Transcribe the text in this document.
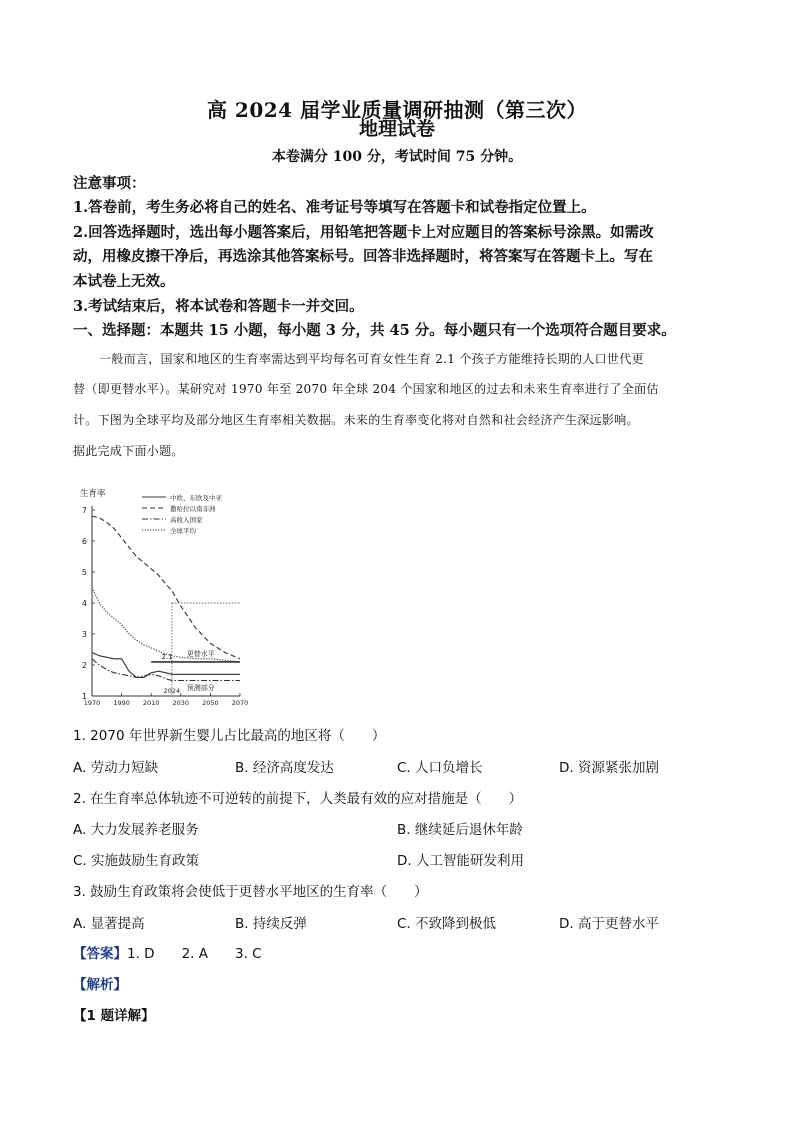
高 2024 届学业质量调研抽测（第三次）
地理试卷
本卷满分 100 分，考试时间 75 分钟。
注意事项：
1.答卷前，考生务必将自己的姓名、准考证号等填写在答题卡和试卷指定位置上。
2.回答选择题时，选出每小题答案后，用铅笔把答题卡上对应题目的答案标号涂黑。如需改
动，用橡皮擦干净后，再选涂其他答案标号。回答非选择题时，将答案写在答题卡上。写在
本试卷上无效。
3.考试结束后，将本试卷和答题卡一并交回。
一、选择题：本题共 15 小题，每小题 3 分，共 45 分。每小题只有一个选项符合题目要求。
一般而言，国家和地区的生育率需达到平均每名可育女性生育 2.1 个孩子方能维持长期的人口世代更
替（即更替水平）。某研究对 1970 年至 2070 年全球 204 个国家和地区的过去和未来生育率进行了全面估
计。下图为全球平均及部分地区生育率相关数据。未来的生育率变化将对自然和社会经济产生深远影响。
据此完成下面小题。
生育率
1
2
3
4
5
6
7
1970 1990 2010 2030 2050 2070
中欧、东欧及中亚
撒哈拉以南非洲
高收入国家
全球平均
2024
2.1 更替水平
预测部分
1. 2070 年世界新生婴儿占比最高的地区将（　　）
A. 劳动力短缺	B. 经济高度发达	C. 人口负增长	D. 资源紧张加剧
2. 在生育率总体轨迹不可逆转的前提下，人类最有效的应对措施是（　　）
A. 大力发展养老服务	B. 继续延后退休年龄
C. 实施鼓励生育政策	D. 人工智能研发利用
3. 鼓励生育政策将会使低于更替水平地区的生育率（　　）
A. 显著提高	B. 持续反弹	C. 不致降到极低	D. 高于更替水平
【答案】1. D　　2. A　　3. C
【解析】
【1 题详解】
